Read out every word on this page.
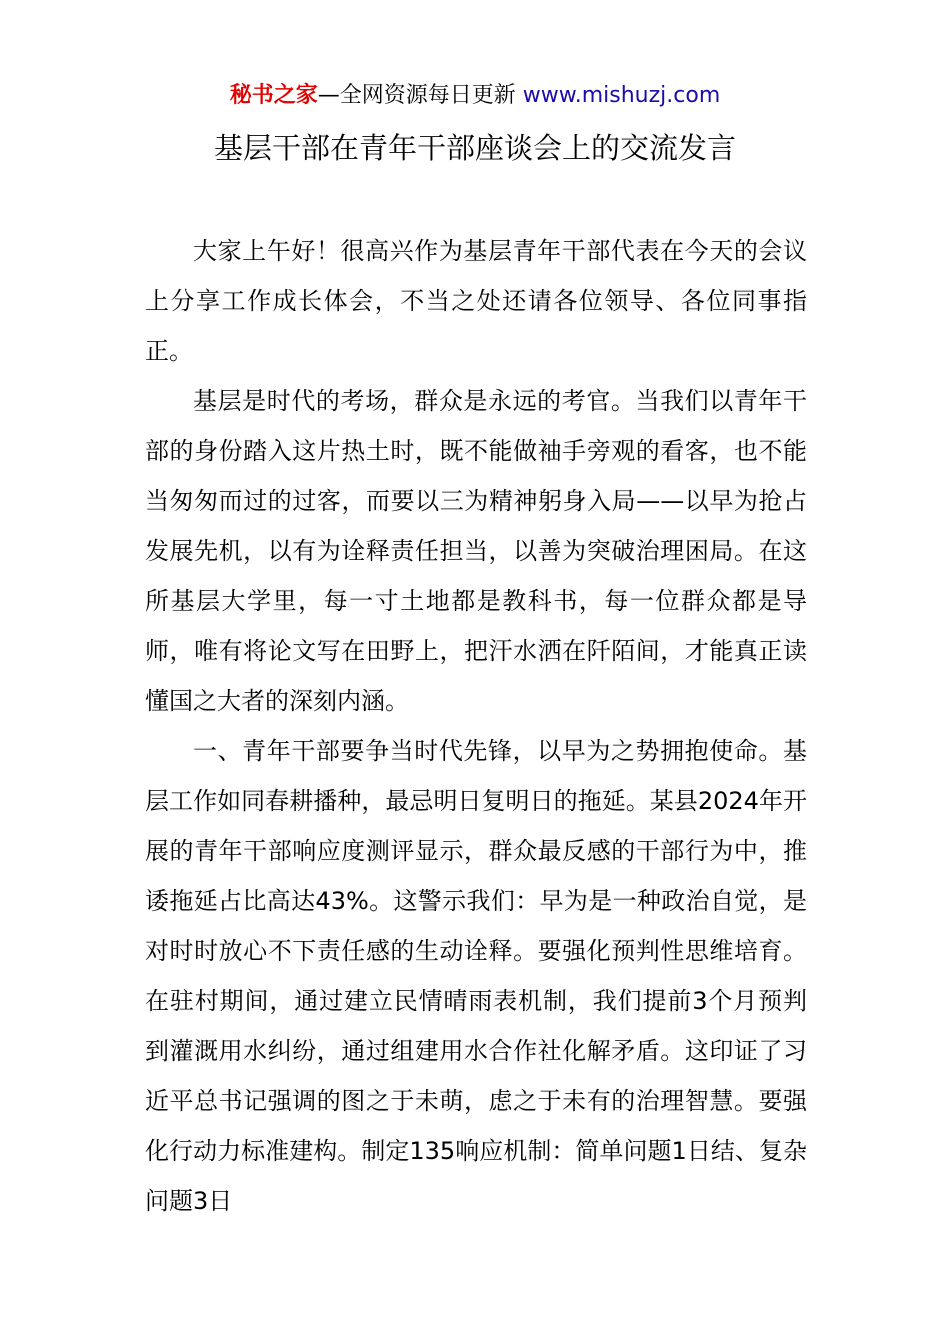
秘书之家—全网资源每日更新 www.mishuzj.com
基层干部在青年干部座谈会上的交流发言

大家上午好！很高兴作为基层青年干部代表在今天的会议上分享工作成长体会，不当之处还请各位领导、各位同事指正。

基层是时代的考场，群众是永远的考官。当我们以青年干部的身份踏入这片热土时，既不能做袖手旁观的看客，也不能当匆匆而过的过客，而要以三为精神躬身入局——以早为抢占发展先机，以有为诠释责任担当，以善为突破治理困局。在这所基层大学里，每一寸土地都是教科书，每一位群众都是导师，唯有将论文写在田野上，把汗水洒在阡陌间，才能真正读懂国之大者的深刻内涵。

一、青年干部要争当时代先锋，以早为之势拥抱使命。基层工作如同春耕播种，最忌明日复明日的拖延。某县2024年开展的青年干部响应度测评显示，群众最反感的干部行为中，推诿拖延占比高达43%。这警示我们：早为是一种政治自觉，是对时时放心不下责任感的生动诠释。要强化预判性思维培育。在驻村期间，通过建立民情晴雨表机制，我们提前3个月预判到灌溉用水纠纷，通过组建用水合作社化解矛盾。这印证了习近平总书记强调的图之于未萌，虑之于未有的治理智慧。要强化行动力标准建构。制定135响应机制：简单问题1日结、复杂问题3日
